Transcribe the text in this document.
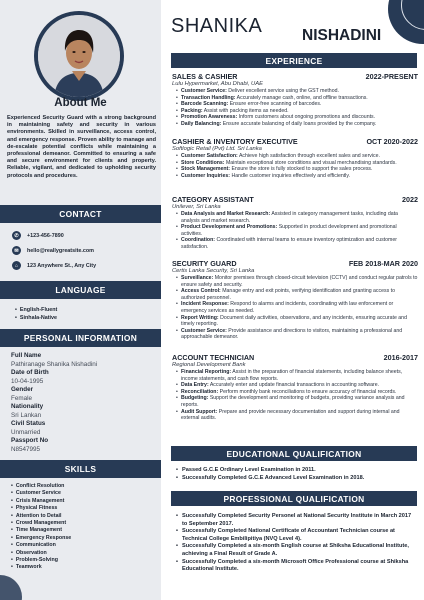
About Me
Experienced Security Guard with a strong background in maintaining safety and security in various environments. Skilled in surveillance, access control, and emergency response. Proven ability to manage and de-escalate potential conflicts while maintaining a professional demeanor. Committed to ensuring a safe and secure environment for clients and property. Reliable, vigilant, and dedicated to upholding security protocols and procedures.
CONTACT
✆	+123-456-7890
✉	hello@reallygreatsite.com
⌂	123 Anywhere St., Any City
LANGUAGE
• English-Fluent
• Sinhala-Native
PERSONAL INFORMATION
Full Name
Pathiranage Shanika Nishadini
Date of Birth
10-04-1995
Gender
Female
Nationality
Sri Lankan
Civil Status
Unmarried
Passport No
N8547995
SKILLS
• Conflict Resolution
• Customer Service
• Crisis Management
• Physical Fitness
• Attention to Detail
• Crowd Management
• Time Management
• Emergency Response
• Communication
• Observation
• Problem-Solving
• Teamwork
SHANIKA	NISHADINI
EXPERIENCE
SALES & CASHIER	2022-PRESENT
Lulu Hypermarket, Abu Dhabi, UAE
• Customer Service: Deliver excellent service using the GST method.
• Transaction Handling: Accurately manage cash, online, and offline transactions.
• Barcode Scanning: Ensure error-free scanning of barcodes.
• Packing: Assist with packing items as needed.
• Promotion Awareness: Inform customers about ongoing promotions and discounts.
• Daily Balancing: Ensure accurate balancing of daily loans provided by the company.
CASHIER & INVENTORY EXECUTIVE	OCT 2020-2022
Softlogic Retail (Pvt) Ltd. Sri Lanka
• Customer Satisfaction: Achieve high satisfaction through excellent sales and service.
• Store Conditions: Maintain exceptional store conditions and visual merchandising standards.
• Stock Management: Ensure the store is fully stocked to support the sales process.
• Customer Inquiries: Handle customer inquiries effectively and efficiently.
CATEGORY ASSISTANT	2022
Unilever, Sri Lanka
• Data Analysis and Market Research: Assisted in category management tasks, including data analysis and market research.
• Product Development and Promotions: Supported in product development and promotional activities.
• Coordination: Coordinated with internal teams to ensure inventory optimization and customer satisfaction.
SECURITY GUARD	FEB 2018-MAR 2020
Certis Lanka Security, Sri Lanka
• Surveillance: Monitor premises through closed-circuit television (CCTV) and conduct regular patrols to ensure safety and security.
• Access Control: Manage entry and exit points, verifying identification and granting access to authorized personnel.
• Incident Response: Respond to alarms and incidents, coordinating with law enforcement or emergency services as needed.
• Report Writing: Document daily activities, observations, and any incidents, ensuring accurate and timely reporting.
• Customer Service: Provide assistance and directions to visitors, maintaining a professional and approachable demeanor.
ACCOUNT TECHNICIAN	2016-2017
Regional Development Bank
• Financial Reporting: Assist in the preparation of financial statements, including balance sheets, income statements, and cash flow reports.
• Data Entry: Accurately enter and update financial transactions in accounting software.
• Reconciliation: Perform monthly bank reconciliations to ensure accuracy of financial records.
• Budgeting: Support the development and monitoring of budgets, providing variance analysis and reports.
• Audit Support: Prepare and provide necessary documentation and support during internal and external audits.
EDUCATIONAL QUALIFICATION
• Passed G.C.E Ordinary Level Examination in 2011.
• Successfully Completed G.C.E Advanced Level Examination in 2018.
PROFESSIONAL QUALIFICATION
• Successfully Completed Security Personel at National Security Institute in March 2017 to September 2017.
• Successfully Completed National Certificate of Accountant Technician course at Technical College Embilipitiya (NVQ Level 4).
• Successfully Completed a six-month English course at Shiksha Educational Institute, achieving a Final Result of Grade A.
• Successfully Completed a six-month Microsoft Office Professional course at Shiksha Educational Institute.
